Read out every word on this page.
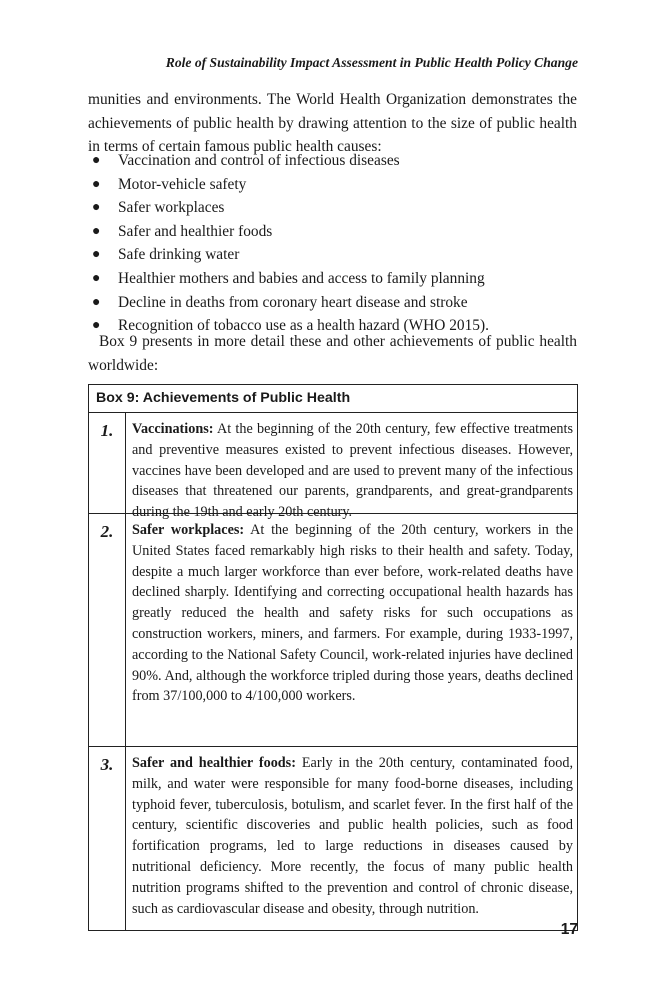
Role of Sustainability Impact Assessment in Public Health Policy Change

munities and environments. The World Health Organization demonstrates the achievements of public health by drawing attention to the size of public health in terms of certain famous public health causes:

● Vaccination and control of infectious diseases
● Motor-vehicle safety
● Safer workplaces
● Safer and healthier foods
● Safe drinking water
● Healthier mothers and babies and access to family planning
● Decline in deaths from coronary heart disease and stroke
● Recognition of tobacco use as a health hazard (WHO 2015).

Box 9 presents in more detail these and other achievements of public health worldwide:

Box 9: Achievements of Public Health
1.	Vaccinations: At the beginning of the 20th century, few effective treatments and preventive measures existed to prevent infectious diseases. However, vaccines have been developed and are used to prevent many of the infectious diseases that threatened our parents, grandparents, and great-grandparents during the 19th and early 20th century.
2.	Safer workplaces: At the beginning of the 20th century, workers in the United States faced remarkably high risks to their health and safety. Today, despite a much larger workforce than ever before, work-related deaths have declined sharply. Identifying and correcting occupational health hazards has greatly reduced the health and safety risks for such occupations as construction workers, miners, and farmers. For example, during 1933-1997, according to the National Safety Council, work-related injuries have declined 90%. And, although the workforce tripled during those years, deaths declined from 37/100,000 to 4/100,000 workers.
3.	Safer and healthier foods: Early in the 20th century, contaminated food, milk, and water were responsible for many food-borne diseases, including typhoid fever, tuberculosis, botulism, and scarlet fever. In the first half of the century, scientific discoveries and public health policies, such as food fortification programs, led to large reductions in diseases caused by nutritional deficiency. More recently, the focus of many public health nutrition programs shifted to the prevention and control of chronic disease, such as cardiovascular disease and obesity, through nutrition.
17
